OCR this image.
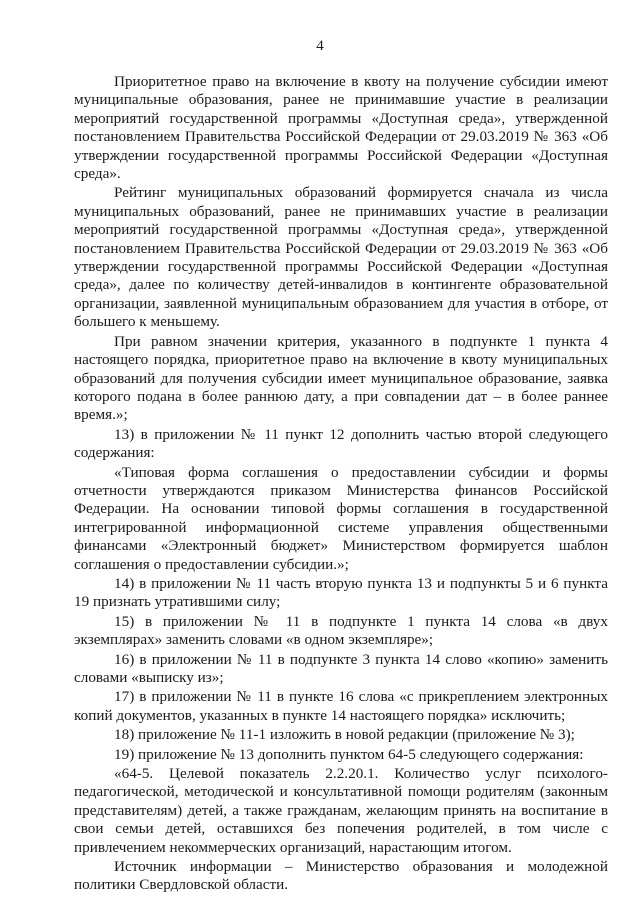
4

Приоритетное право на включение в квоту на получение субсидии имеют муниципальные образования, ранее не принимавшие участие в реализации мероприятий государственной программы «Доступная среда», утвержденной постановлением Правительства Российской Федерации от 29.03.2019 № 363 «Об утверждении государственной программы Российской Федерации «Доступная среда».

Рейтинг муниципальных образований формируется сначала из числа муниципальных образований, ранее не принимавших участие в реализации мероприятий государственной программы «Доступная среда», утвержденной постановлением Правительства Российской Федерации от 29.03.2019 № 363 «Об утверждении государственной программы Российской Федерации «Доступная среда», далее по количеству детей-инвалидов в контингенте образовательной организации, заявленной муниципальным образованием для участия в отборе, от большего к меньшему.

При равном значении критерия, указанного в подпункте 1 пункта 4 настоящего порядка, приоритетное право на включение в квоту муниципальных образований для получения субсидии имеет муниципальное образование, заявка которого подана в более раннюю дату, а при совпадении дат – в более раннее время.»;

13) в приложении № 11 пункт 12 дополнить частью второй следующего содержания:

«Типовая форма соглашения о предоставлении субсидии и формы отчетности утверждаются приказом Министерства финансов Российской Федерации. На основании типовой формы соглашения в государственной интегрированной информационной системе управления общественными финансами «Электронный бюджет» Министерством формируется шаблон соглашения о предоставлении субсидии.»;

14) в приложении № 11 часть вторую пункта 13 и подпункты 5 и 6 пункта 19 признать утратившими силу;

15) в приложении № 11 в подпункте 1 пункта 14 слова «в двух экземплярах» заменить словами «в одном экземпляре»;

16) в приложении № 11 в подпункте 3 пункта 14 слово «копию» заменить словами «выписку из»;

17) в приложении № 11 в пункте 16 слова «с прикреплением электронных копий документов, указанных в пункте 14 настоящего порядка» исключить;

18) приложение № 11-1 изложить в новой редакции (приложение № 3);

19) приложение № 13 дополнить пунктом 64-5 следующего содержания:

«64-5. Целевой показатель 2.2.20.1. Количество услуг психолого-педагогической, методической и консультативной помощи родителям (законным представителям) детей, а также гражданам, желающим принять на воспитание в свои семьи детей, оставшихся без попечения родителей, в том числе с привлечением некоммерческих организаций, нарастающим итогом.

Источник информации – Министерство образования и молодежной политики Свердловской области.
